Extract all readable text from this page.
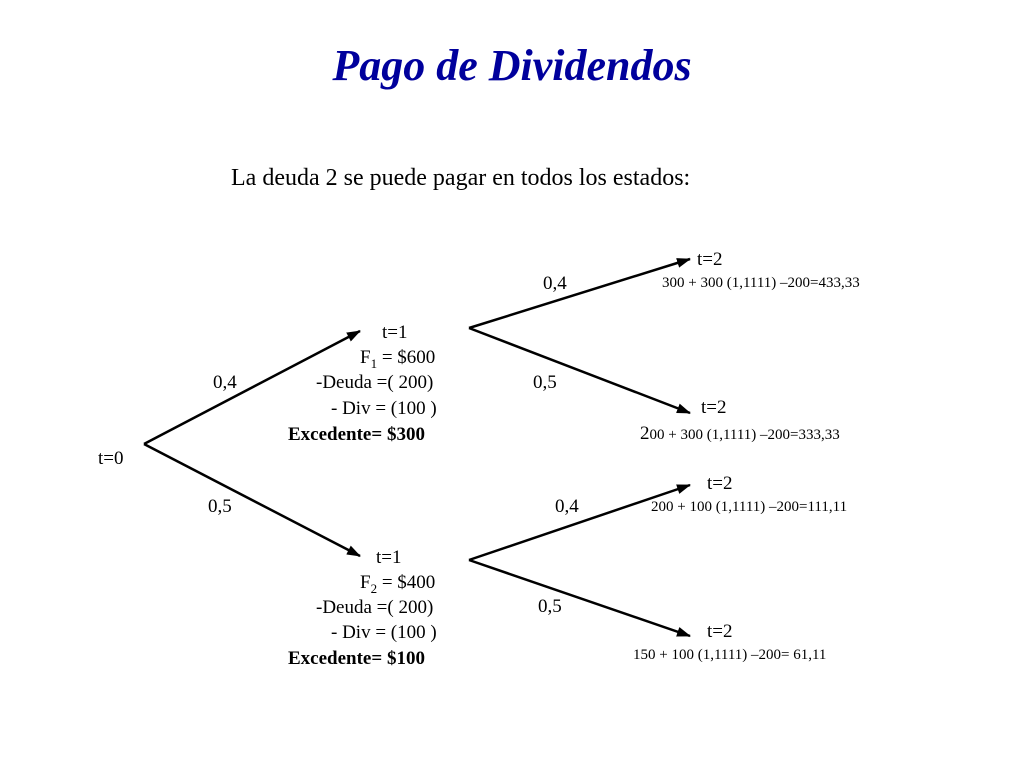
Pago de Dividendos
La deuda 2 se puede pagar en todos los estados:
t=0
0,4
t=1
$F_1$ = $600
-Deuda =( 200)
- Div = (100 )
Excedente= $300
0,4
t=2
300 + 300 (1,1111) –200=433,33
0,5
t=2
200 + 300 (1,1111) –200=333,33
0,5
t=1
$F_2$ = $400
-Deuda =( 200)
- Div = (100 )
Excedente= $100
0,4
t=2
200 + 100 (1,1111) –200=111,11
0,5
t=2
150 + 100 (1,1111) –200= 61,11
